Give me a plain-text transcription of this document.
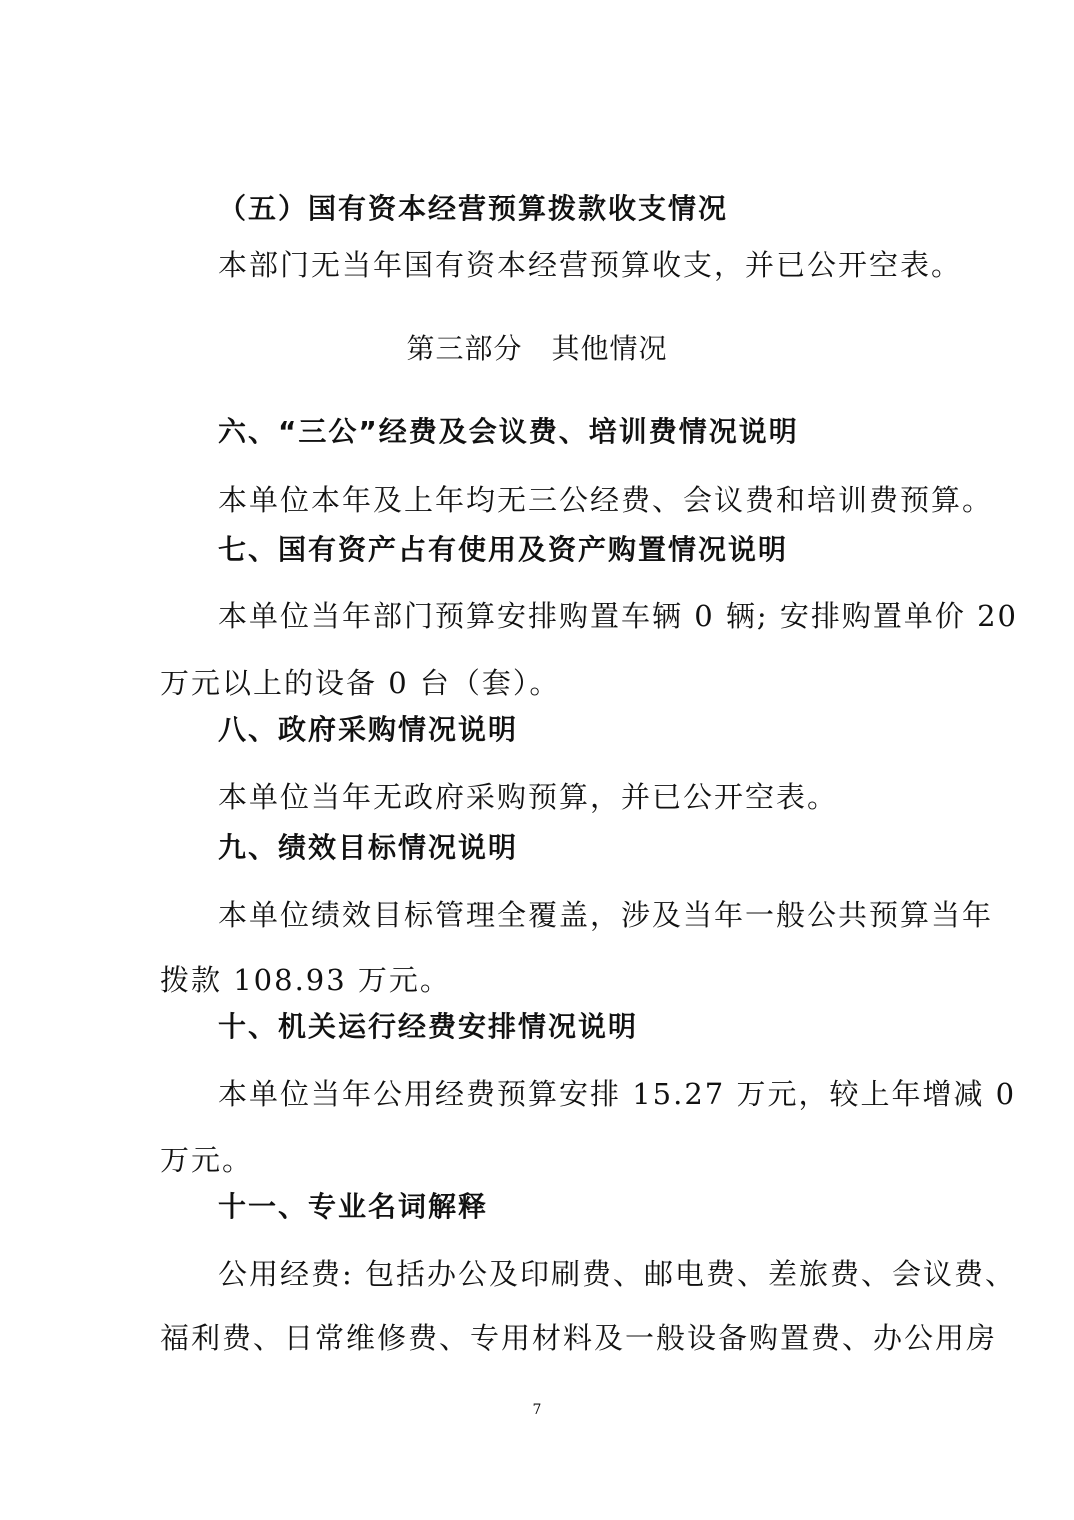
（五）国有资本经营预算拨款收支情况
本部门无当年国有资本经营预算收支，并已公开空表。
第三部分　其他情况
六、“三公”经费及会议费、培训费情况说明
本单位本年及上年均无三公经费、会议费和培训费预算。
七、国有资产占有使用及资产购置情况说明
本单位当年部门预算安排购置车辆 0 辆; 安排购置单价 20
万元以上的设备 0 台（套）。
八、政府采购情况说明
本单位当年无政府采购预算，并已公开空表。
九、绩效目标情况说明
本单位绩效目标管理全覆盖，涉及当年一般公共预算当年
拨款 108.93 万元。
十、机关运行经费安排情况说明
本单位当年公用经费预算安排 15.27 万元，较上年增减 0
万元。
十一、专业名词解释
公用经费: 包括办公及印刷费、邮电费、差旅费、会议费、
福利费、日常维修费、专用材料及一般设备购置费、办公用房
7
